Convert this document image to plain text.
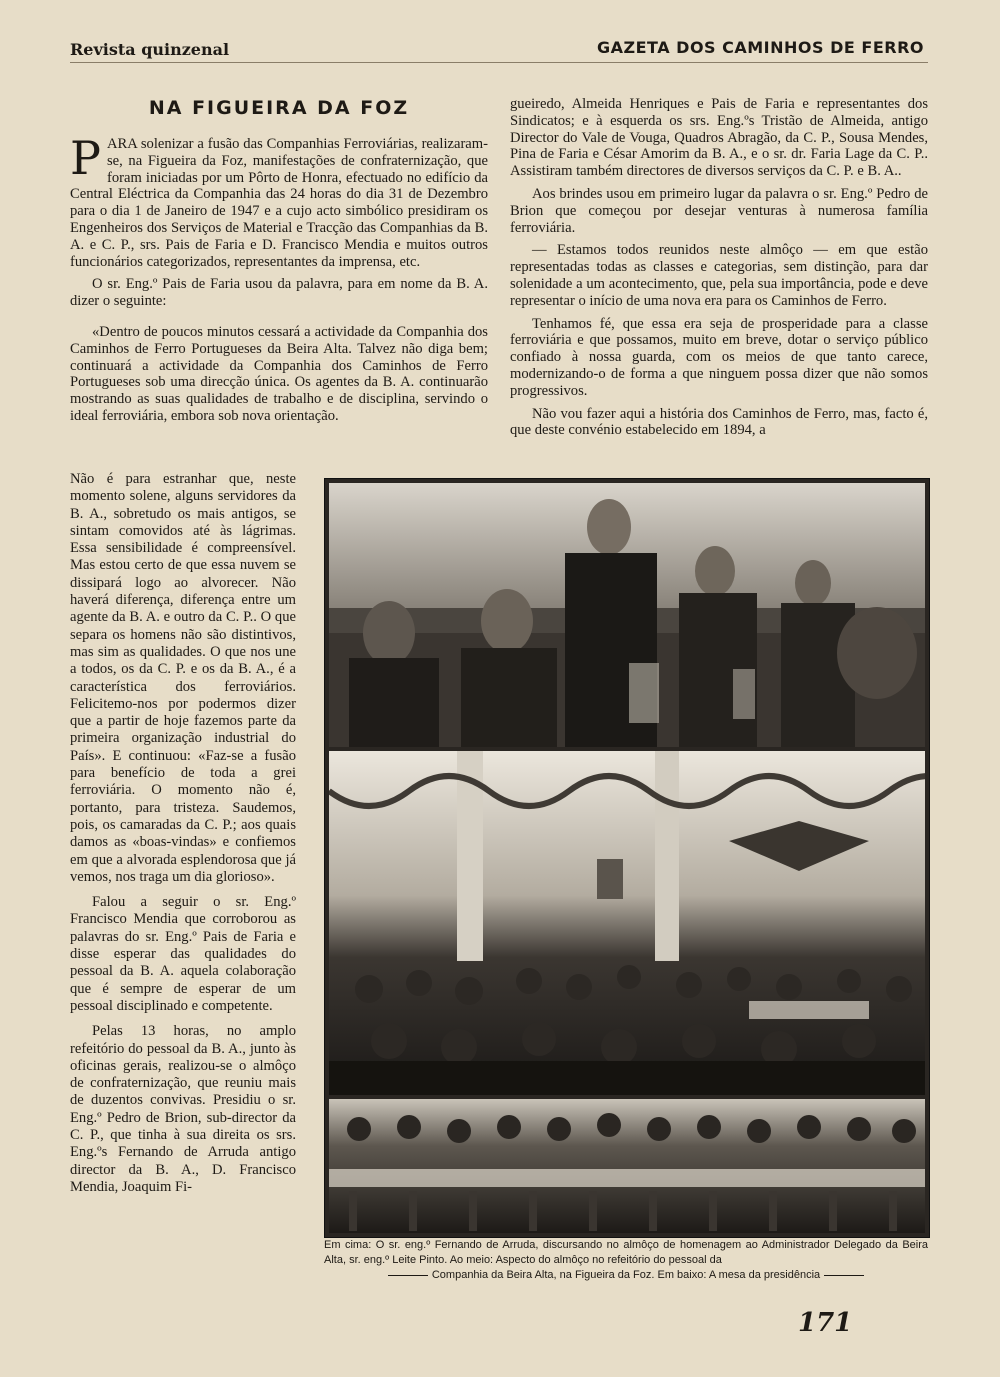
Revista quinzenal	GAZETA DOS CAMINHOS DE FERRO
NA FIGUEIRA DA FOZ

PARA solenizar a fusão das Companhias Ferroviárias, realizaram-se, na Figueira da Foz, manifestações de confraternização, que foram iniciadas por um Pôrto de Honra, efectuado no edifício da Central Eléctrica da Companhia das 24 horas do dia 31 de Dezembro para o dia 1 de Janeiro de 1947 e a cujo acto simbólico presidiram os Engenheiros dos Serviços de Material e Tracção das Companhias da B. A. e C. P., srs. Pais de Faria e D. Francisco Mendia e muitos outros funcionários categorizados, representantes da imprensa, etc.

O sr. Eng.º Pais de Faria usou da palavra, para em nome da B. A. dizer o seguinte:

«Dentro de poucos minutos cessará a actividade da Companhia dos Caminhos de Ferro Portugueses da Beira Alta. Talvez não diga bem; continuará a actividade da Companhia dos Caminhos de Ferro Portugueses sob uma direcção única. Os agentes da B. A. continuarão mostrando as suas qualidades de trabalho e de disciplina, servindo o ideal ferroviária, embora sob nova orientação.

Não é para estranhar que, neste momento solene, alguns servidores da B. A., sobretudo os mais antigos, se sintam comovidos até às lágrimas. Essa sensibilidade é compreensível. Mas estou certo de que essa nuvem se dissipará logo ao alvorecer. Não haverá diferença, diferença entre um agente da B. A. e outro da C. P.. O que separa os homens não são distintivos, mas sim as qualidades. O que nos une a todos, os da C. P. e os da B. A., é a característica dos ferroviários. Felicitemo-nos por podermos dizer que a partir de hoje fazemos parte da primeira organização industrial do País». E continuou: «Faz-se a fusão para benefício de toda a grei ferroviária. O momento não é, portanto, para tristeza. Saudemos, pois, os camaradas da C. P.; aos quais damos as «boas-vindas» e confiemos em que a alvorada esplendorosa que já vemos, nos traga um dia glorioso».

Falou a seguir o sr. Eng.º Francisco Mendia que corroborou as palavras do sr. Eng.º Pais de Faria e disse esperar das qualidades do pessoal da B. A. aquela colaboração que é sempre de esperar de um pessoal disciplinado e competente.

Pelas 13 horas, no amplo refeitório do pessoal da B. A., junto às oficinas gerais, realizou-se o almôço de confraternização, que reuniu mais de duzentos convivas. Presidiu o sr. Eng.º Pedro de Brion, sub-director da C. P., que tinha à sua direita os srs. Eng.ºs Fernando de Arruda antigo director da B. A., D. Francisco Mendia, Joaquim Fi-

gueiredo, Almeida Henriques e Pais de Faria e representantes dos Sindicatos; e à esquerda os srs. Eng.ºs Tristão de Almeida, antigo Director do Vale de Vouga, Quadros Abragão, da C. P., Sousa Mendes, Pina de Faria e César Amorim da B. A., e o sr. dr. Faria Lage da C. P.. Assistiram também directores de diversos serviços da C. P. e B. A..

Aos brindes usou em primeiro lugar da palavra o sr. Eng.º Pedro de Brion que começou por desejar venturas à numerosa família ferroviária.

— Estamos todos reunidos neste almôço — em que estão representadas todas as classes e categorias, sem distinção, para dar solenidade a um acontecimento, que, pela sua importância, pode e deve representar o início de uma nova era para os Caminhos de Ferro.

Tenhamos fé, que essa era seja de prosperidade para a classe ferroviária e que possamos, muito em breve, dotar o serviço público confiado à nossa guarda, com os meios de que tanto carece, modernizando-o de forma a que ninguem possa dizer que não somos progressivos.

Não vou fazer aqui a história dos Caminhos de Ferro, mas, facto é, que deste convénio estabelecido em 1894, a

Em cima: O sr. eng.º Fernando de Arruda, discursando no almôço de homenagem ao Administrador Delegado da Beira Alta, sr. eng.º Leite Pinto. Ao meio: Aspecto do almôço no refeitório do pessoal da
Companhia da Beira Alta, na Figueira da Foz. Em baixo: A mesa da presidência
171
